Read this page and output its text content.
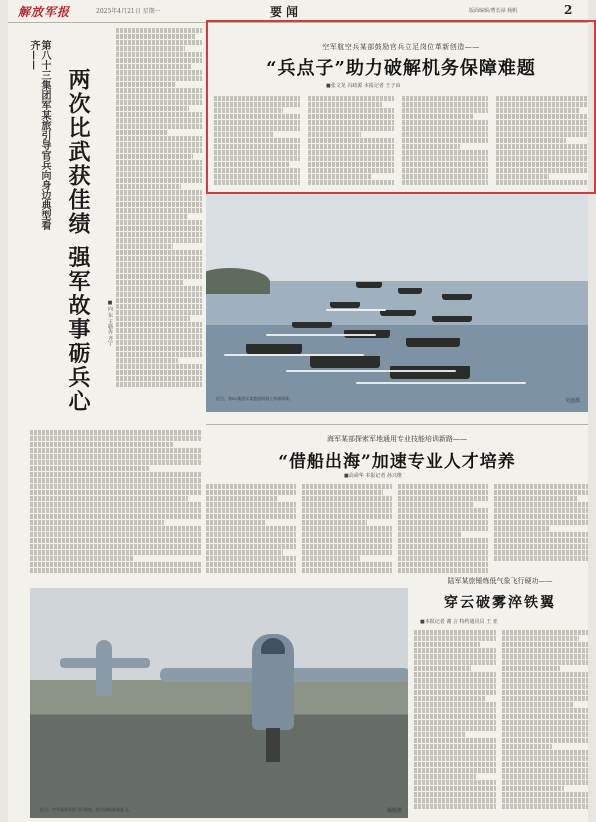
解放军报	2025年4月21日 星期一	要闻	版面编辑/曹长禄 杨帆	2
第八十三集团军某旅引导官兵向身边典型看齐——
两次比武获佳绩 强军故事砺兵心	■向 东 王骆冉 齐宁
空军航空兵某部鼓励官兵立足岗位革新创造——
“兵点子”助力破解机务保障难题
■张文龙 冯政源 本报记者 王子由
近日，第82集团军某旅组织海上冲滩训练。	吴迪摄
海军某部探索军地通用专业技能培训新路——
“借船出海”加速专业人才培养
■高舜华 本报记者 孙兴维
近日，空军某部开展飞行训练。图为战机准备起飞。	杨颖摄
陆军某旅锤炼低气象飞行硬功——
穿云破雾淬铁翼
■本报记者 谢 言 特约通讯员 王 亚
